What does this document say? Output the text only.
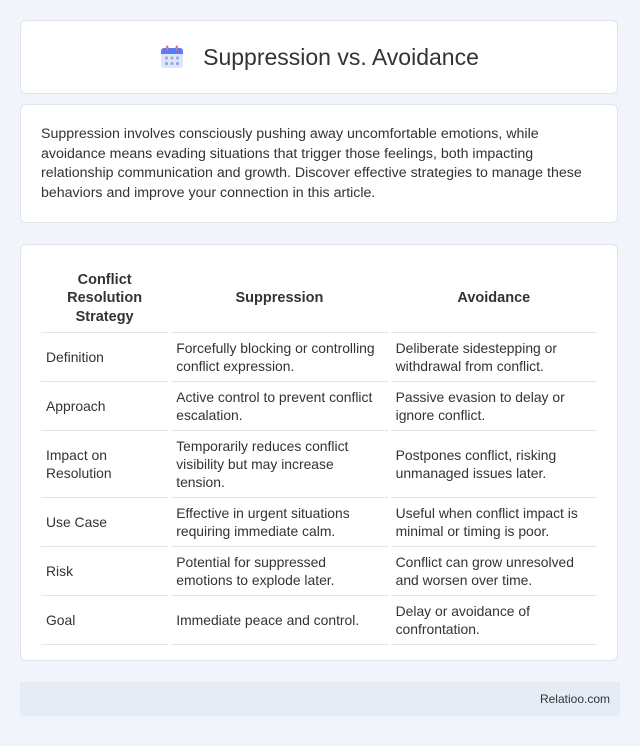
Suppression vs. Avoidance

Suppression involves consciously pushing away uncomfortable emotions, while avoidance means evading situations that trigger those feelings, both impacting relationship communication and growth. Discover effective strategies to manage these behaviors and improve your connection in this article.

Conflict Resolution Strategy	Suppression	Avoidance
Definition	Forcefully blocking or controlling conflict expression.	Deliberate sidestepping or withdrawal from conflict.
Approach	Active control to prevent conflict escalation.	Passive evasion to delay or ignore conflict.
Impact on Resolution	Temporarily reduces conflict visibility but may increase tension.	Postpones conflict, risking unmanaged issues later.
Use Case	Effective in urgent situations requiring immediate calm.	Useful when conflict impact is minimal or timing is poor.
Risk	Potential for suppressed emotions to explode later.	Conflict can grow unresolved and worsen over time.
Goal	Immediate peace and control.	Delay or avoidance of confrontation.
Relatioo.com
